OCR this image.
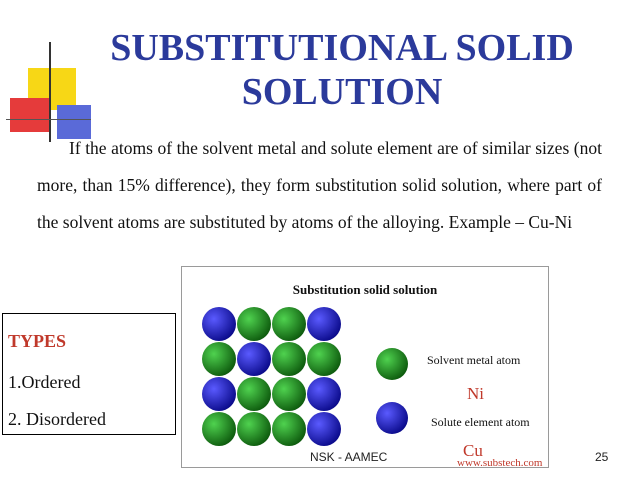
SUBSTITUTIONAL SOLID
SOLUTION

If the atoms of the solvent metal and solute element are of similar sizes (not more, than 15% difference), they form substitution solid solution, where part of the solvent atoms are substituted by atoms of the alloying. Example – Cu-Ni

TYPES
1.Ordered
2. Disordered
Substitution solid solution
Solvent metal atom
Solute element atom
Ni
Cu
www.substech.com
NSK - AAMEC	25
